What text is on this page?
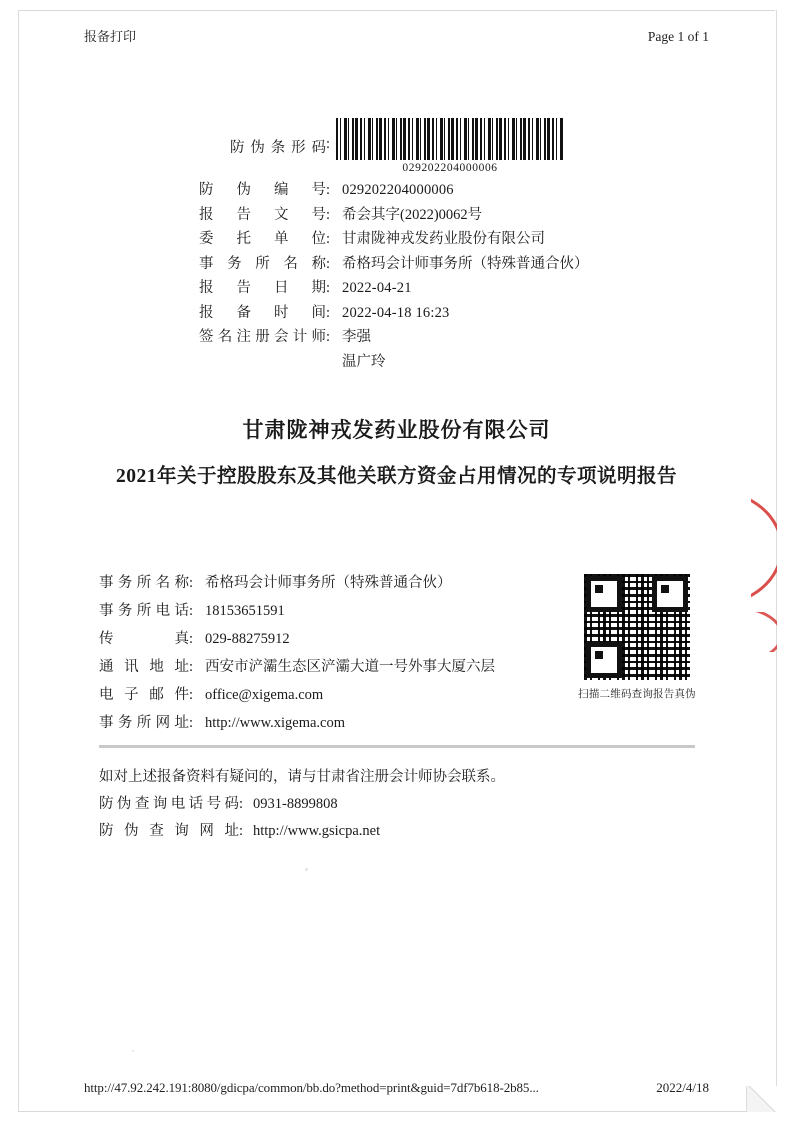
报备打印	Page 1 of 1
防伪条形码 :
029202204000006
防伪编号 : 029202204000006
报告文号 : 希会其字(2022)0062号
委托单位 : 甘肃陇神戎发药业股份有限公司
事务所名称 : 希格玛会计师事务所（特殊普通合伙）
报告日期 : 2022-04-21
报备时间 : 2022-04-18 16:23
签名注册会计师 : 李强
温广玲
甘肃陇神戎发药业股份有限公司
2021年关于控股股东及其他关联方资金占用情况的专项说明报告
事务所名称 : 希格玛会计师事务所（特殊普通合伙）
事务所电话 : 18153651591
传真 : 029-88275912
通讯地址 : 西安市浐灞生态区浐灞大道一号外事大厦六层
电子邮件 : office@xigema.com
事务所网址 : http://www.xigema.com
扫描二维码查询报告真伪
如对上述报备资料有疑问的，请与甘肃省注册会计师协会联系。
防伪查询电话号码: 0931-8899808
防伪查询网址: http://www.gsicpa.net
http://47.92.242.191:8080/gdicpa/common/bb.do?method=print&guid=7df7b618-2b85...	2022/4/18
